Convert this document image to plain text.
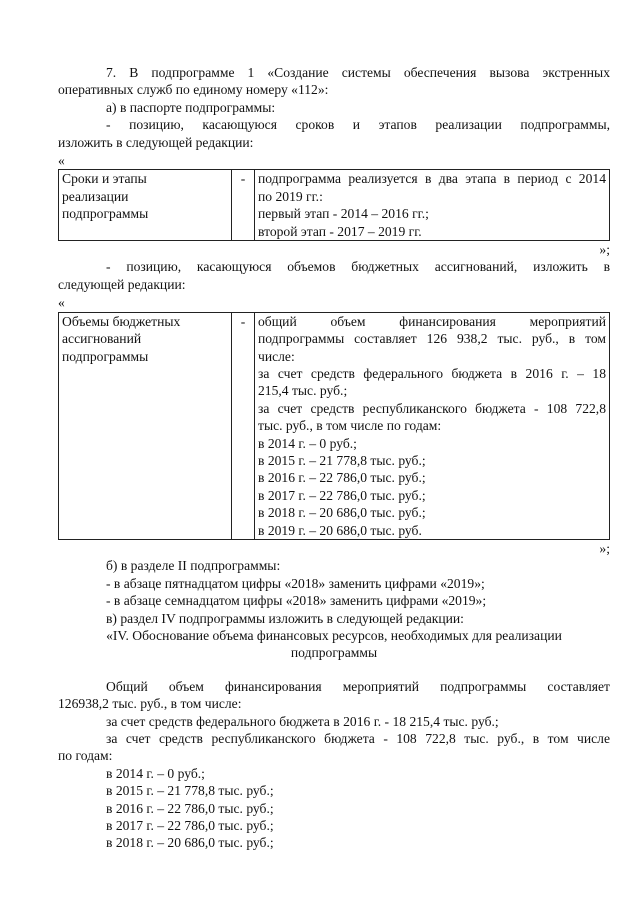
7. В подпрограмме 1 «Создание системы обеспечения вызова экстренных

оперативных служб по единому номеру «112»:

а) в паспорте подпрограммы:

- позицию, касающуюся сроков и этапов реализации подпрограммы,

изложить в следующей редакции:

«

Сроки и этапы
реализации
подпрограммы
	-	подпрограмма реализуется в два этапа в период с 2014
по 2019 гг.:
первый этап - 2014 – 2016 гг.;
второй этап - 2017 – 2019 гг.

»;

- позицию, касающуюся объемов бюджетных ассигнований, изложить в

следующей редакции:

«

Объемы бюджетных
ассигнований
подпрограммы
	-	общий объем финансирования мероприятий
подпрограммы составляет 126 938,2 тыс. руб., в том
числе:
за счет средств федерального бюджета в 2016 г. – 18
215,4 тыс. руб.;
за счет средств республиканского бюджета - 108 722,8
тыс. руб., в том числе по годам:
в 2014 г. – 0 руб.;
в 2015 г. – 21 778,8 тыс. руб.;
в 2016 г. – 22 786,0 тыс. руб.;
в 2017 г. – 22 786,0 тыс. руб.;
в 2018 г. – 20 686,0 тыс. руб.;
в 2019 г. – 20 686,0 тыс. руб.

»;

б) в разделе II подпрограммы:

- в абзаце пятнадцатом цифры «2018» заменить цифрами «2019»;

- в абзаце семнадцатом цифры «2018» заменить цифрами «2019»;

в) раздел IV подпрограммы изложить в следующей редакции:

«IV. Обоснование объема финансовых ресурсов, необходимых для реализации

подпрограммы

Общий объем финансирования мероприятий подпрограммы составляет

126938,2 тыс. руб., в том числе:

за счет средств федерального бюджета в 2016 г. - 18 215,4 тыс. руб.;

за счет средств республиканского бюджета - 108 722,8 тыс. руб., в том числе

по годам:

в 2014 г. – 0 руб.;

в 2015 г. – 21 778,8 тыс. руб.;

в 2016 г. – 22 786,0 тыс. руб.;

в 2017 г. – 22 786,0 тыс. руб.;

в 2018 г. – 20 686,0 тыс. руб.;
